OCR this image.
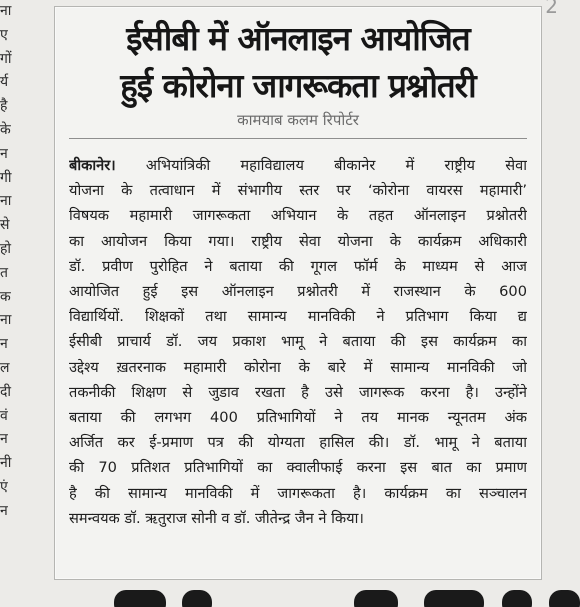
2
ना
ए
गों
र्य
है
के
न
गी
ना
से
हो
त
क
ना
न
ल
दी
वं
न
नी
एं
न
ईसीबी में ऑनलाइन आयोजित
हुई कोरोना जागरूकता प्रश्नोतरी
कामयाब कलम रिपोर्टर
बीकानेर। अभियांत्रिकी महाविद्यालय बीकानेर में राष्ट्रीय सेवा
योजना के तत्वाधान में संभागीय स्तर पर ‘कोरोना वायरस महामारी’
विषयक महामारी जागरूकता अभियान के तहत ऑनलाइन प्रश्नोतरी
का आयोजन किया गया। राष्ट्रीय सेवा योजना के कार्यक्रम अधिकारी
डॉ. प्रवीण पुरोहित ने बताया की गूगल फॉर्म के माध्यम से आज
आयोजित हुई इस ऑनलाइन प्रश्नोतरी में राजस्थान के 600
विद्यार्थियों. शिक्षकों तथा सामान्य मानविकी ने प्रतिभाग किया द्य
ईसीबी प्राचार्य डॉ. जय प्रकाश भामू ने बताया की इस कार्यक्रम का
उद्देश्य ख़तरनाक महामारी कोरोना के बारे में सामान्य मानविकी जो
तकनीकी शिक्षण से जुडाव रखता है उसे जागरूक करना है। उन्होंने
बताया की लगभग 400 प्रतिभागियों ने तय मानक न्यूनतम अंक
अर्जित कर ई-प्रमाण पत्र की योग्यता हासिल की। डॉ. भामू ने बताया
की 70 प्रतिशत प्रतिभागियों का क्वालीफाई करना इस बात का प्रमाण
है की सामान्य मानविकी में जागरूकता है। कार्यक्रम का सञ्चालन
समन्वयक डॉ. ऋतुराज सोनी व डॉ. जीतेन्द्र जैन ने किया।
